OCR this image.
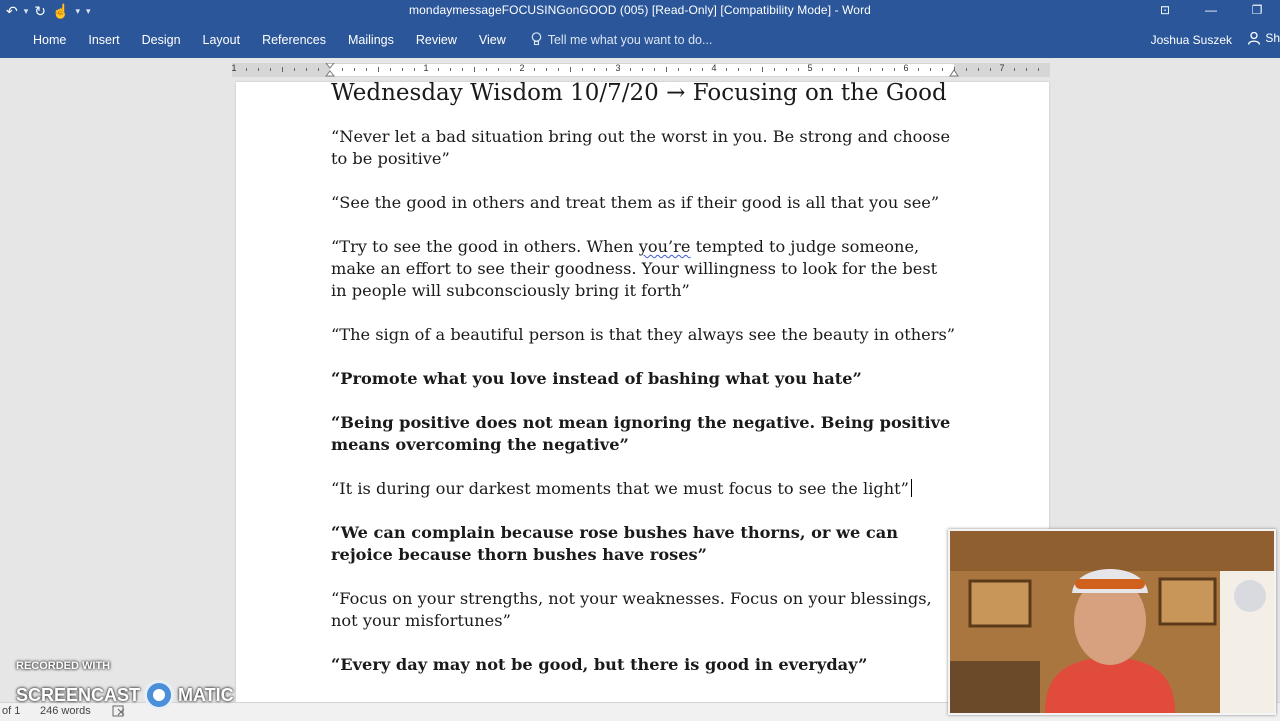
↶ ▾ ↻ ☝ ▾ ▾	mondaymessageFOCUSINGonGOOD (005) [Read-Only] [Compatibility Mode] - Word	⊡	—	❐
Home Insert Design Layout References Mailings Review View	Tell me what you want to do...	Joshua Suszek	Sh
1	1	2	3	4	5	6	7
Wednesday Wisdom 10/7/20 → Focusing on the Good

“Never let a bad situation bring out the worst in you. Be strong and choose to be positive”

“See the good in others and treat them as if their good is all that you see”

“Try to see the good in others. When you’re tempted to judge someone, make an effort to see their goodness. Your willingness to look for the best in people will subconsciously bring it forth”

“The sign of a beautiful person is that they always see the beauty in others”

“Promote what you love instead of bashing what you hate”

“Being positive does not mean ignoring the negative. Being positive means overcoming the negative”

“It is during our darkest moments that we must focus to see the light”

“We can complain because rose bushes have thorns, or we can rejoice because thorn bushes have roses”

“Focus on your strengths, not your weaknesses. Focus on your blessings, not your misfortunes”

“Every day may not be good, but there is good in everyday”

of 1 246 words
RECORDED WITH
SCREENCAST MATIC
